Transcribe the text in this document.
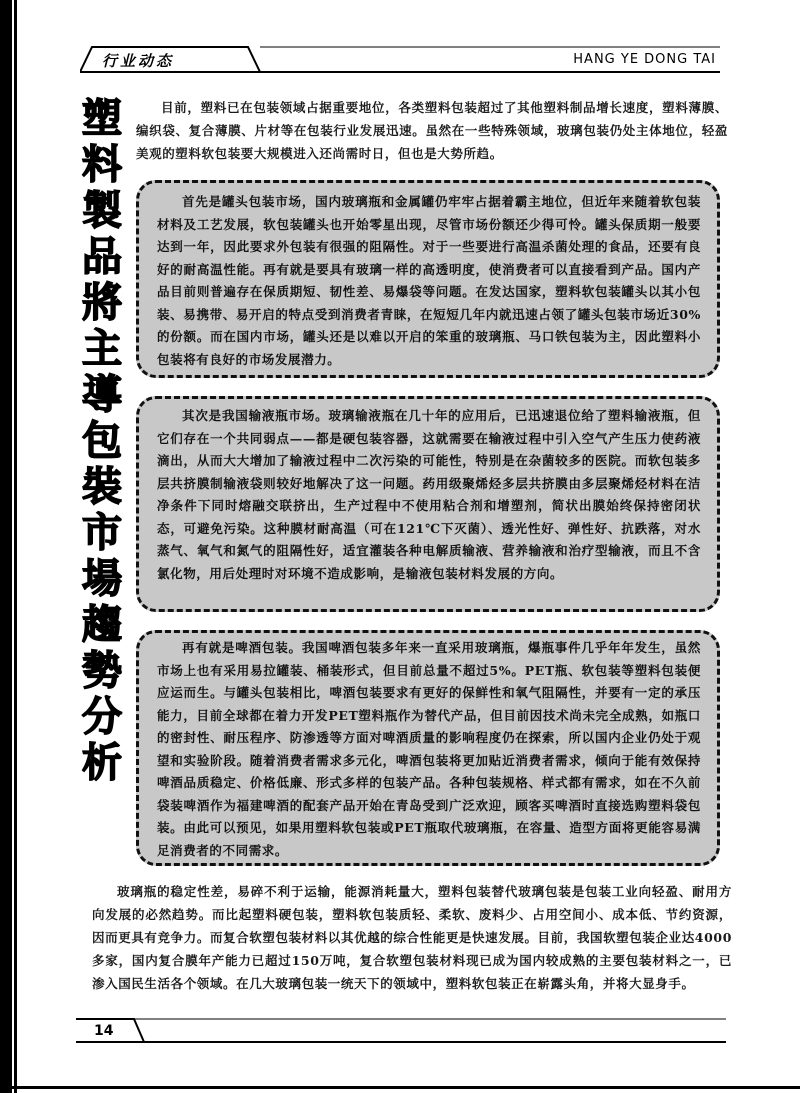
行业动态	HANG YE DONG TAI
塑
料
製
品
將
主
導
包
裝
市
場
趨
勢
分
析

目前，塑料已在包装领域占据重要地位，各类塑料包装超过了其他塑料制品增长速度，塑料薄膜、编织袋、复合薄膜、片材等在包装行业发展迅速。虽然在一些特殊领域，玻璃包装仍处主体地位，轻盈美观的塑料软包装要大规模进入还尚需时日，但也是大势所趋。

首先是罐头包装市场，国内玻璃瓶和金属罐仍牢牢占据着霸主地位，但近年来随着软包装材料及工艺发展，软包装罐头也开始零星出现，尽管市场份额还少得可怜。罐头保质期一般要达到一年，因此要求外包装有很强的阻隔性。对于一些要进行高温杀菌处理的食品，还要有良好的耐高温性能。再有就是要具有玻璃一样的高透明度，使消费者可以直接看到产品。国内产品目前则普遍存在保质期短、韧性差、易爆袋等问题。在发达国家，塑料软包装罐头以其小包装、易携带、易开启的特点受到消费者青睐，在短短几年内就迅速占领了罐头包装市场近30%的份额。而在国内市场，罐头还是以难以开启的笨重的玻璃瓶、马口铁包装为主，因此塑料小包装将有良好的市场发展潜力。

其次是我国输液瓶市场。玻璃输液瓶在几十年的应用后，已迅速退位给了塑料输液瓶，但它们存在一个共同弱点——都是硬包装容器，这就需要在输液过程中引入空气产生压力使药液滴出，从而大大增加了输液过程中二次污染的可能性，特别是在杂菌较多的医院。而软包装多层共挤膜制输液袋则较好地解决了这一问题。药用级聚烯烃多层共挤膜由多层聚烯烃材料在洁净条件下同时熔融交联挤出，生产过程中不使用粘合剂和增塑剂，简状出膜始终保持密闭状态，可避免污染。这种膜材耐高温（可在121℃下灭菌）、透光性好、弹性好、抗跌落，对水蒸气、氧气和氮气的阻隔性好，适宜灌装各种电解质输液、营养输液和治疗型输液，而且不含氯化物，用后处理时对环境不造成影响，是输液包装材料发展的方向。

再有就是啤酒包装。我国啤酒包装多年来一直采用玻璃瓶，爆瓶事件几乎年年发生，虽然市场上也有采用易拉罐装、桶装形式，但目前总量不超过5%。PET瓶、软包装等塑料包装便应运而生。与罐头包装相比，啤酒包装要求有更好的保鲜性和氧气阻隔性，并要有一定的承压能力，目前全球都在着力开发PET塑料瓶作为替代产品，但目前因技术尚未完全成熟，如瓶口的密封性、耐压程序、防渗透等方面对啤酒质量的影响程度仍在探索，所以国内企业仍处于观望和实验阶段。随着消费者需求多元化，啤酒包装将更加贴近消费者需求，倾向于能有效保持啤酒品质稳定、价格低廉、形式多样的包装产品。各种包装规格、样式都有需求，如在不久前袋装啤酒作为福建啤酒的配套产品开始在青岛受到广泛欢迎，顾客买啤酒时直接选购塑料袋包装。由此可以预见，如果用塑料软包装或PET瓶取代玻璃瓶，在容量、造型方面将更能容易满足消费者的不同需求。

玻璃瓶的稳定性差，易碎不利于运输，能源消耗量大，塑料包装替代玻璃包装是包装工业向轻盈、耐用方向发展的必然趋势。而比起塑料硬包装，塑料软包装质轻、柔软、废料少、占用空间小、成本低、节约资源，因而更具有竞争力。而复合软塑包装材料以其优越的综合性能更是快速发展。目前，我国软塑包装企业达4000多家，国内复合膜年产能力已超过150万吨，复合软塑包装材料现已成为国内较成熟的主要包装材料之一，已渗入国民生活各个领域。在几大玻璃包装一统天下的领域中，塑料软包装正在崭露头角，并将大显身手。

14
